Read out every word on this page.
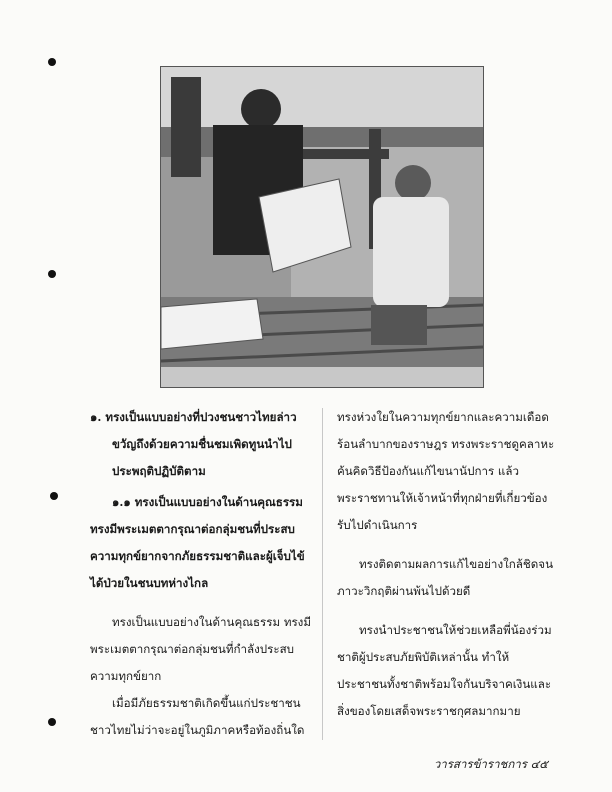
๑. ทรงเป็นแบบอย่างที่ปวงชนชาวไทยล่าวขวัญถึงด้วยความชื่นชมเพิดทูนนำไปประพฤติปฏิบัติตาม

๑.๑ ทรงเป็นแบบอย่างในด้านคุณธรรม ทรงมีพระเมตตากรุณาต่อกลุ่มชนที่ประสบความทุกข์ยากจากภัยธรรมชาติและผู้เจ็บไข้ได้ป่วยในชนบทห่างไกล

ทรงเป็นแบบอย่างในด้านคุณธรรม ทรงมีพระเมตตากรุณาต่อกลุ่มชนที่กำลังประสบความทุกข์ยาก

เมื่อมีภัยธรรมชาติเกิดขึ้นแก่ประชาชนชาวไทยไม่ว่าจะอยู่ในภูมิภาคหรือท้องถิ่นใด

ทรงห่วงใยในความทุกข์ยากและความเดือดร้อนลำบากของราษฎร ทรงพระราชดูคลาหะค้นคิดวิธีป้องกันแก้ไขนานัปการ แล้วพระราชทานให้เจ้าหน้าที่ทุกฝ่ายที่เกี่ยวข้องรับไปดำเนินการ

ทรงติดตามผลการแก้ไขอย่างใกล้ชิดจนภาวะวิกฤติผ่านพ้นไปด้วยดี

ทรงนำประชาชนให้ช่วยเหลือพี่น้องร่วมชาติผู้ประสบภัยพิบัติเหล่านั้น ทำให้ประชาชนทั้งชาติพร้อมใจกันบริจาคเงินและสิ่งของโดยเสด็จพระราชกุศลมากมาย

วารสารข้าราชการ ๔๕
